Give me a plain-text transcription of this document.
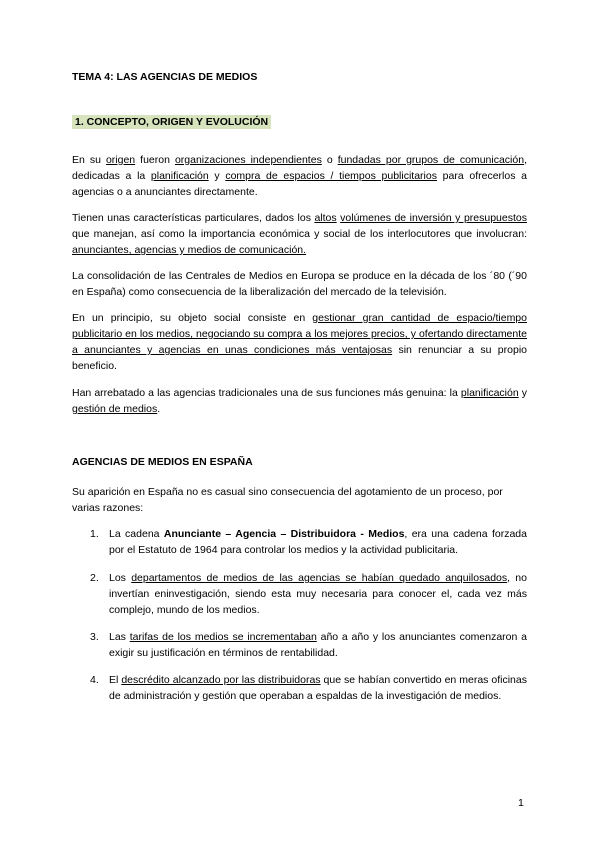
TEMA 4: LAS AGENCIAS DE MEDIOS
1. CONCEPTO, ORIGEN Y EVOLUCIÓN
En su origen fueron organizaciones independientes o fundadas por grupos de comunicación, dedicadas a la planificación y compra de espacios / tiempos publicitarios para ofrecerlos a agencias o a anunciantes directamente.
Tienen unas características particulares, dados los altos volúmenes de inversión y presupuestos que manejan, así como la importancia económica y social de los interlocutores que involucran: anunciantes, agencias y medios de comunicación.
La consolidación de las Centrales de Medios en Europa se produce en la década de los ´80 (´90 en España) como consecuencia de la liberalización del mercado de la televisión.
En un principio, su objeto social consiste en gestionar gran cantidad de espacio/tiempo publicitario en los medios, negociando su compra a los mejores precios, y ofertando directamente a anunciantes y agencias en unas condiciones más ventajosas sin renunciar a su propio beneficio.
Han arrebatado a las agencias tradicionales una de sus funciones más genuina: la planificación y gestión de medios.
AGENCIAS DE MEDIOS EN ESPAÑA
Su aparición en España no es casual sino consecuencia del agotamiento de un proceso, por varias razones:
1. La cadena Anunciante – Agencia – Distribuidora - Medios, era una cadena forzada por el Estatuto de 1964 para controlar los medios y la actividad publicitaria.
2. Los departamentos de medios de las agencias se habían quedado anquilosados, no invertían eninvestigación, siendo esta muy necesaria para conocer el, cada vez más complejo, mundo de los medios.
3. Las tarifas de los medios se incrementaban año a año y los anunciantes comenzaron a exigir su justificación en términos de rentabilidad.
4. El descrédito alcanzado por las distribuidoras que se habían convertido en meras oficinas de administración y gestión que operaban a espaldas de la investigación de medios.
1
